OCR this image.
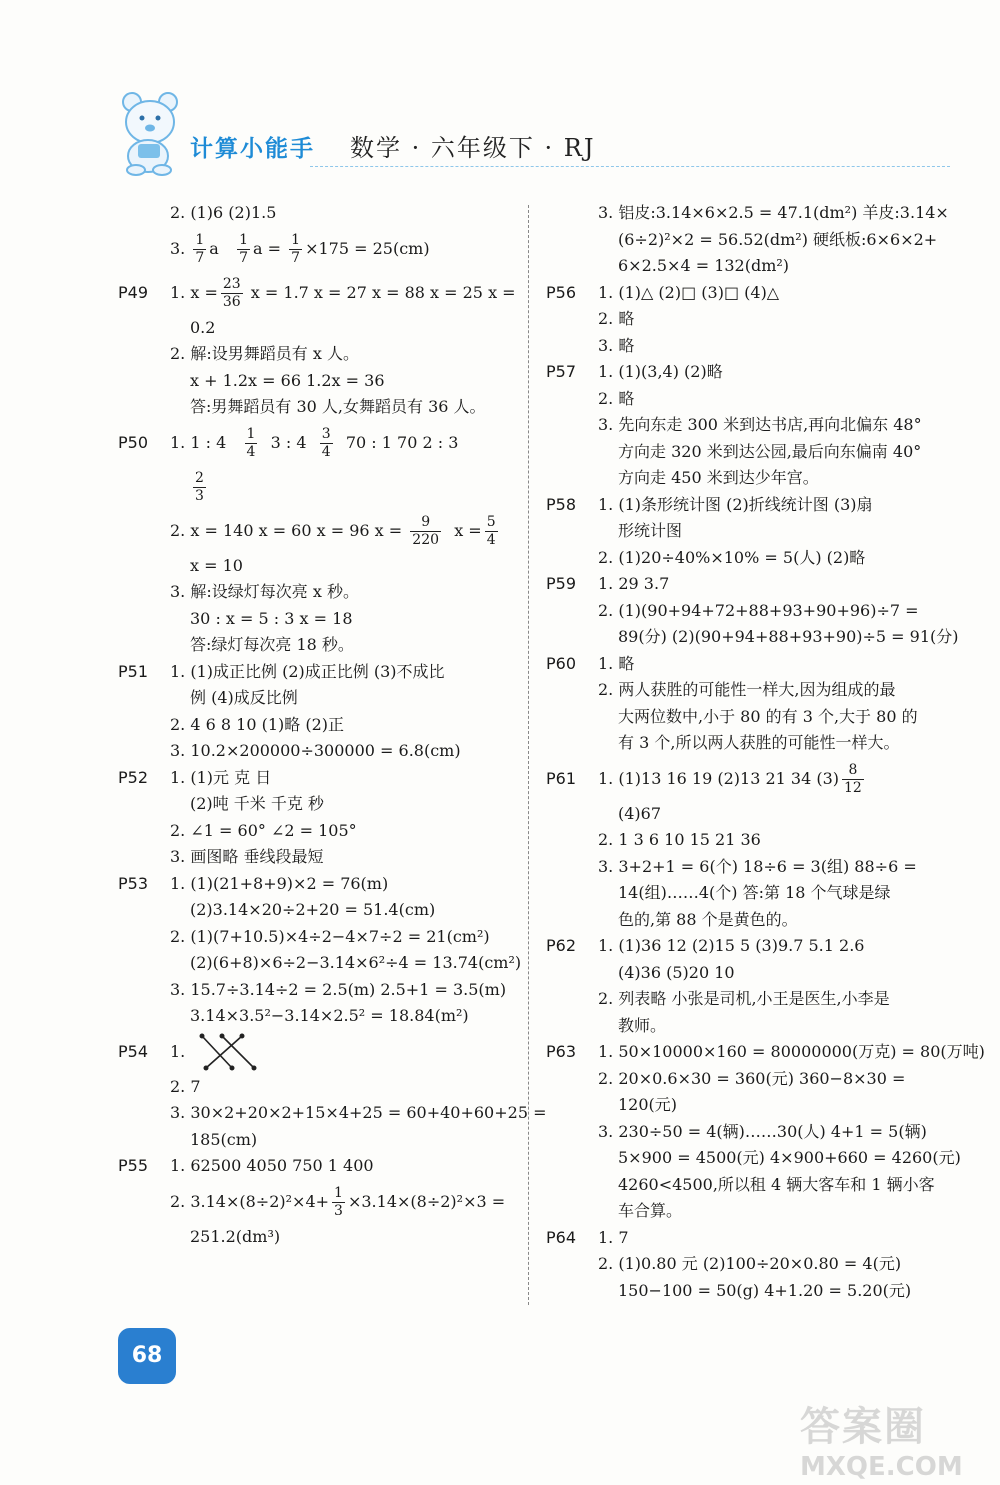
计算小能手 数学 · 六年级下 · RJ
2. (1)6 (2)1.5
3. $\frac{1}{7}$ a $\frac{1}{7}$ $a = \frac{1}{7} \times 175 = 25(cm)$
P49 1. $x = \frac{23}{36}$ x = 1.7 x = 27 x = 88 x = 25 x =
0.2
2. 解:设男舞蹈员有 x 人。
x + 1.2x = 66 1.2x = 36
答:男舞蹈员有 30 人,女舞蹈员有 36 人。
P50 1. 1 : $4 \frac{1}{4} 3$ : $4 \frac{3}{4} 70$ : 1 70 2 : 3
$\frac{2}{3}$
2. x = 140 x = 60 x = 96 $x = \frac{9}{220}$ $x = \frac{5}{4}$
x = 10
3. 解:设绿灯每次亮 x 秒。
30 : x = 5 : 3 x = 18
答:绿灯每次亮 18 秒。
P51 1. (1)成正比例 (2)成正比例 (3)不成比
例 (4)成反比例
2. 4 6 8 10 (1)略 (2)正
3. 10.2×200000÷300000 = 6.8(cm)
P52 1. (1)元 克 日
(2)吨 千米 千克 秒
2. ∠1 = 60° ∠2 = 105°
3. 画图略 垂线段最短
P53 1. (1)(21+8+9)×2 = 76(m)
(2)3.14×20÷2+20 = 51.4(cm)
2. (1)(7+10.5)×4÷2−4×7÷2 = 21(cm²)
(2)(6+8)×6÷2−3.14×6²÷4 = 13.74(cm²)
3. 15.7÷3.14÷2 = 2.5(m) 2.5+1 = 3.5(m)
3.14×3.5²−3.14×2.5² = 18.84(m²)
P54 1.
2. 7
3. 30×2+20×2+15×4+25 = 60+40+60+25 =
185(cm)
P55 1. 62500 4050 750 1 400
2. $3.14\times(8\div 2)^2\times 4+ \frac{1}{3} \times 3.14\times(8\div 2)^2\times 3$ =
251.2(dm³)
3. 铝皮:3.14×6×2.5 = 47.1(dm²) 羊皮:3.14×
(6÷2)²×2 = 56.52(dm²) 硬纸板:6×6×2+
6×2.5×4 = 132(dm²)
P56 1. (1)△ (2)□ (3)□ (4)△
2. 略
3. 略
P57 1. (1)(3,4) (2)略
2. 略
3. 先向东走 300 米到达书店,再向北偏东 48°
方向走 320 米到达公园,最后向东偏南 40°
方向走 450 米到达少年宫。
P58 1. (1)条形统计图 (2)折线统计图 (3)扇
形统计图
2. (1)20÷40%×10% = 5(人) (2)略
P59 1. 29 3.7
2. (1)(90+94+72+88+93+90+96)÷7 =
89(分) (2)(90+94+88+93+90)÷5 = 91(分)
P60 1. 略
2. 两人获胜的可能性一样大,因为组成的最
大两位数中,小于 80 的有 3 个,大于 80 的
有 3 个,所以两人获胜的可能性一样大。
P61 1. (1)13 16 19 (2)13 21 34 $(3) \frac{8}{12}$
(4)67
2. 1 3 6 10 15 21 36
3. 3+2+1 = 6(个) 18÷6 = 3(组) 88÷6 =
14(组)……4(个) 答:第 18 个气球是绿
色的,第 88 个是黄色的。
P62 1. (1)36 12 (2)15 5 (3)9.7 5.1 2.6
(4)36 (5)20 10
2. 列表略 小张是司机,小王是医生,小李是
教师。
P63 1. 50×10000×160 = 80000000(万克) = 80(万吨)
2. 20×0.6×30 = 360(元) 360−8×30 =
120(元)
3. 230÷50 = 4(辆)……30(人) 4+1 = 5(辆)
5×900 = 4500(元) 4×900+660 = 4260(元)
4260<4500,所以租 4 辆大客车和 1 辆小客
车合算。
P64 1. 7
2. (1)0.80 元 (2)100÷20×0.80 = 4(元)
150−100 = 50(g) 4+1.20 = 5.20(元)
68
答案圈
MXQE.COM
